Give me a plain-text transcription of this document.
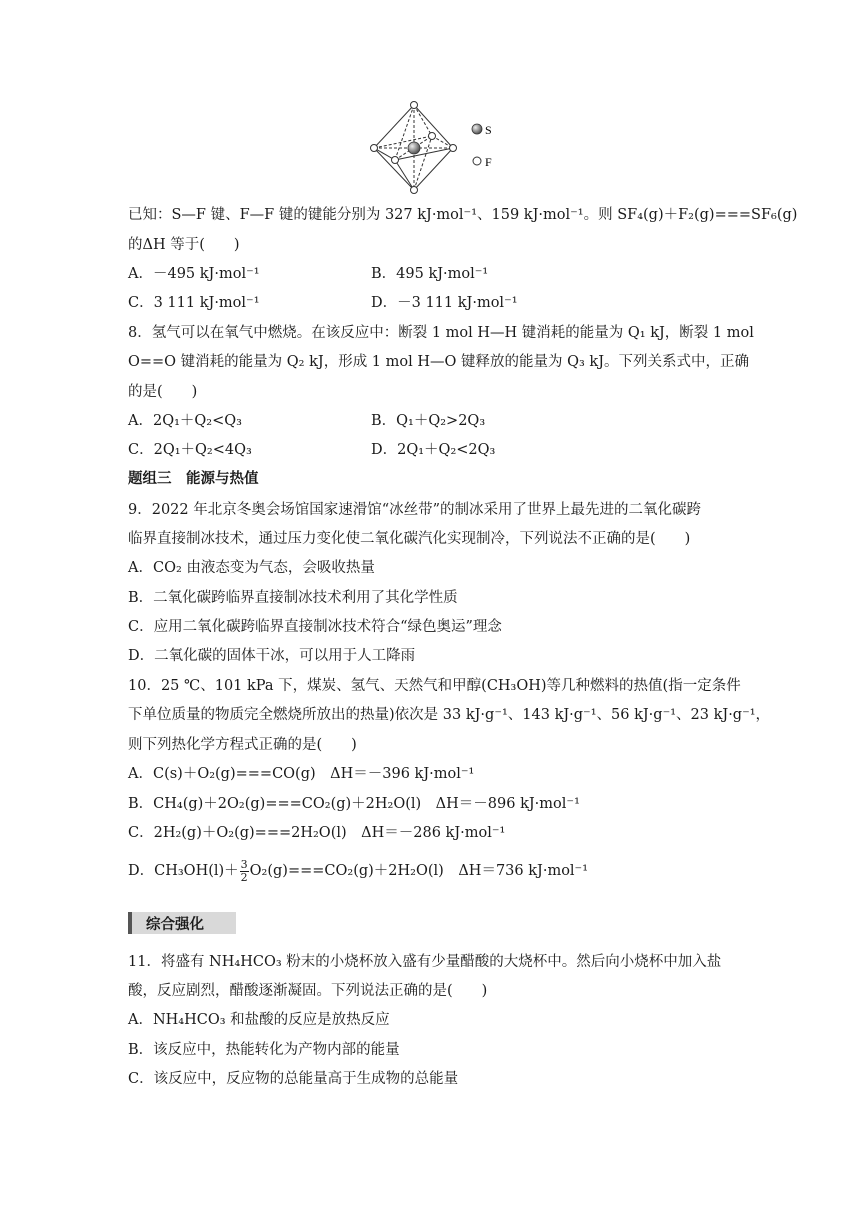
S
F
已知：S—F 键、F—F 键的键能分别为 327 kJ·mol⁻¹、159 kJ·mol⁻¹。则 SF₄(g)＋F₂(g)===SF₆(g)
的ΔH 等于(　　)
A．－495 kJ·mol⁻¹	B．495 kJ·mol⁻¹
C．3 111 kJ·mol⁻¹	D．－3 111 kJ·mol⁻¹
8．氢气可以在氧气中燃烧。在该反应中：断裂 1 mol H—H 键消耗的能量为 Q₁ kJ，断裂 1 mol
O==O 键消耗的能量为 Q₂ kJ，形成 1 mol H—O 键释放的能量为 Q₃ kJ。下列关系式中，正确
的是(　　)
A．2Q₁＋Q₂<Q₃	B．Q₁＋Q₂>2Q₃
C．2Q₁＋Q₂<4Q₃	D．2Q₁＋Q₂<2Q₃
题组三　能源与热值
9．2022 年北京冬奥会场馆国家速滑馆“冰丝带”的制冰采用了世界上最先进的二氧化碳跨
临界直接制冰技术，通过压力变化使二氧化碳汽化实现制冷，下列说法不正确的是(　　)
A．CO₂ 由液态变为气态，会吸收热量
B．二氧化碳跨临界直接制冰技术利用了其化学性质
C．应用二氧化碳跨临界直接制冰技术符合“绿色奥运”理念
D．二氧化碳的固体干冰，可以用于人工降雨
10．25 ℃、101 kPa 下，煤炭、氢气、天然气和甲醇(CH₃OH)等几种燃料的热值(指一定条件
下单位质量的物质完全燃烧所放出的热量)依次是 33 kJ·g⁻¹、143 kJ·g⁻¹、56 kJ·g⁻¹、23 kJ·g⁻¹，
则下列热化学方程式正确的是(　　)
A．C(s)＋O₂(g)===CO(g)　ΔH＝－396 kJ·mol⁻¹
B．CH₄(g)＋2O₂(g)===CO₂(g)＋2H₂O(l)　ΔH＝－896 kJ·mol⁻¹
C．2H₂(g)＋O₂(g)===2H₂O(l)　ΔH＝－286 kJ·mol⁻¹
D．$CH_3OH(l)+ \frac{3}{2} O_2(g)===CO_2(g)+2H_2O(l)$　ΔH＝736 kJ·mol⁻¹
综合强化
11．将盛有 NH₄HCO₃ 粉末的小烧杯放入盛有少量醋酸的大烧杯中。然后向小烧杯中加入盐
酸，反应剧烈，醋酸逐渐凝固。下列说法正确的是(　　)
A．NH₄HCO₃ 和盐酸的反应是放热反应
B．该反应中，热能转化为产物内部的能量
C．该反应中，反应物的总能量高于生成物的总能量
